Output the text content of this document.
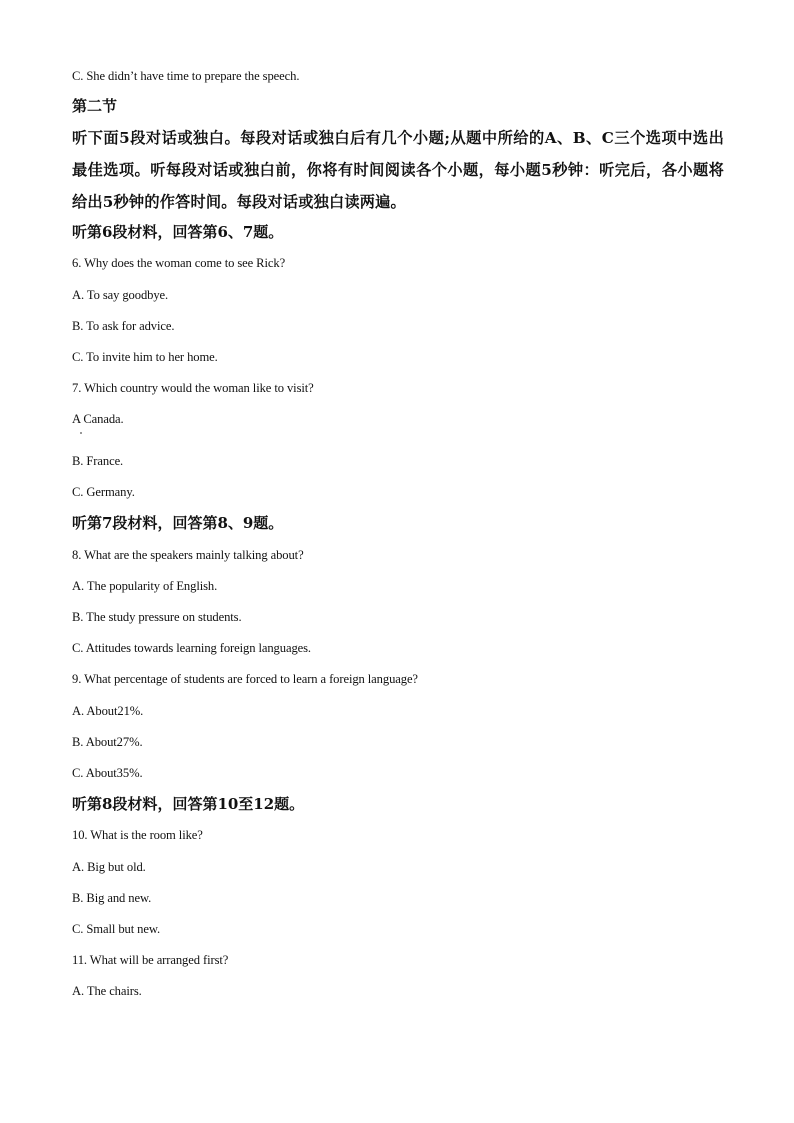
C. She didn’t have time to prepare the speech.
第二节
听下面5段对话或独白。每段对话或独白后有几个小题;从题中所给的A、B、C三个选项中选出最佳选项。听每段对话或独白前，你将有时间阅读各个小题，每小题5秒钟：听完后，各小题将给出5秒钟的作答时间。每段对话或独白读两遍。
听第6段材料，回答第6、7题。
6. Why does the woman come to see Rick?
A. To say goodbye.
B. To ask for advice.
C. To invite him to her home.
7. Which country would the woman like to visit?
A Canada.
B. France.
C. Germany.
听第7段材料，回答第8、9题。
8. What are the speakers mainly talking about?
A. The popularity of English.
B. The study pressure on students.
C. Attitudes towards learning foreign languages.
9. What percentage of students are forced to learn a foreign language?
A. About21%.
B. About27%.
C. About35%.
听第8段材料，回答第10至12题。
10. What is the room like?
A. Big but old.
B. Big and new.
C. Small but new.
11. What will be arranged first?
A. The chairs.
